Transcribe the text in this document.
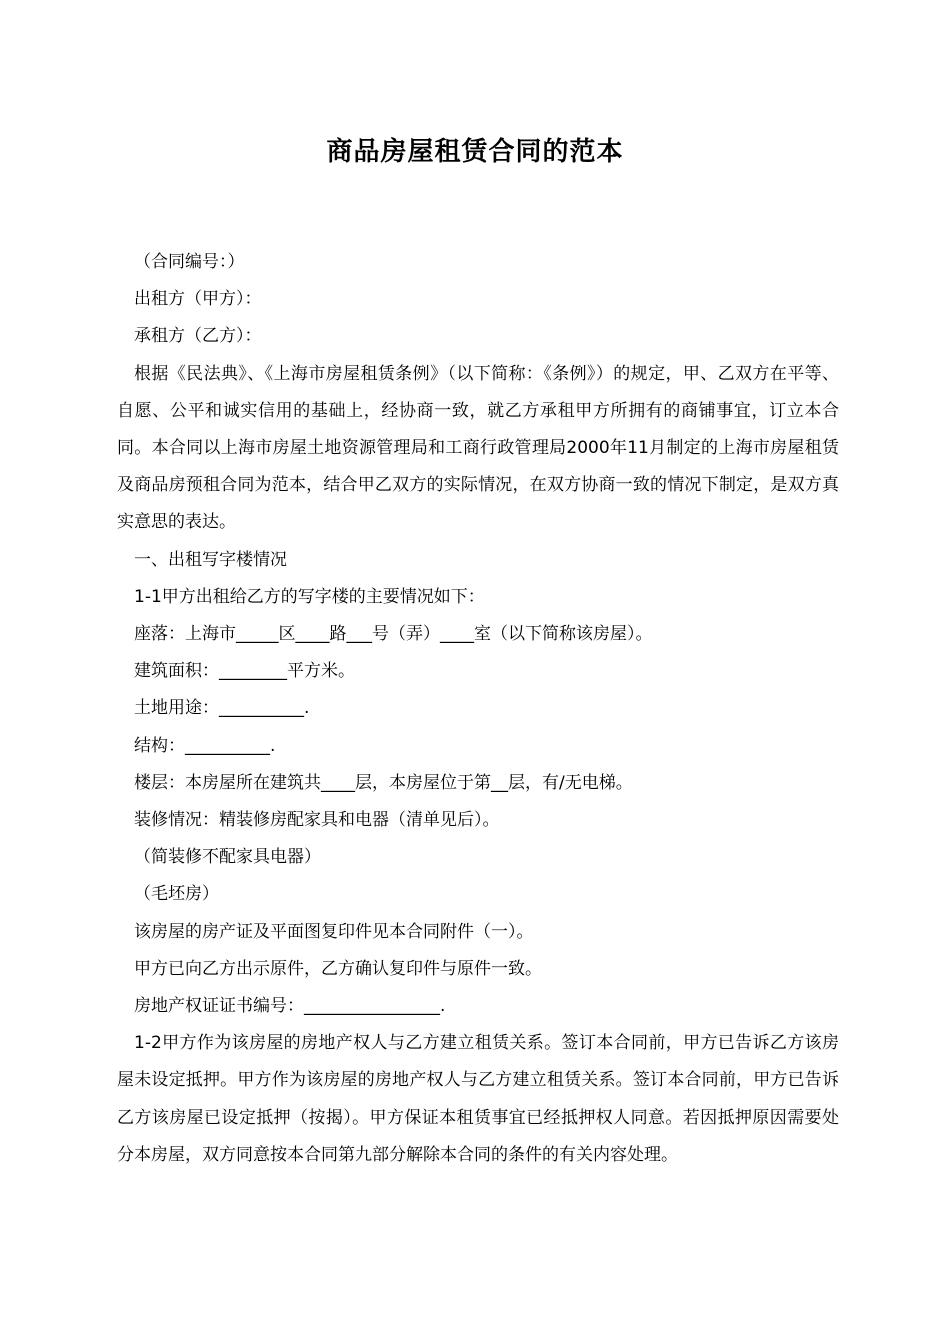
商品房屋租赁合同的范本

（合同编号：）

出租方（甲方）：

承租方（乙方）：

根据《民法典》、《上海市房屋租赁条例》（以下简称：《条例》）的规定，甲、乙双方在平等、自愿、公平和诚实信用的基础上，经协商一致，就乙方承租甲方所拥有的商铺事宜，订立本合同。本合同以上海市房屋土地资源管理局和工商行政管理局2000年11月制定的上海市房屋租赁及商品房预租合同为范本，结合甲乙双方的实际情况，在双方协商一致的情况下制定，是双方真实意思的表达。

一、出租写字楼情况

1-1甲方出租给乙方的写字楼的主要情况如下：

座落：上海市_____区____路___号（弄）____室（以下简称该房屋）。

建筑面积：________平方米。

土地用途：__________.

结构：__________.

楼层：本房屋所在建筑共____层，本房屋位于第__层，有/无电梯。

装修情况：精装修房配家具和电器（清单见后）。

（简装修不配家具电器）

（毛坯房）

该房屋的房产证及平面图复印件见本合同附件（一）。

甲方已向乙方出示原件，乙方确认复印件与原件一致。

房地产权证证书编号：________________.

1-2甲方作为该房屋的房地产权人与乙方建立租赁关系。签订本合同前，甲方已告诉乙方该房屋未设定抵押。甲方作为该房屋的房地产权人与乙方建立租赁关系。签订本合同前，甲方已告诉乙方该房屋已设定抵押（按揭）。甲方保证本租赁事宜已经抵押权人同意。若因抵押原因需要处分本房屋，双方同意按本合同第九部分解除本合同的条件的有关内容处理。
